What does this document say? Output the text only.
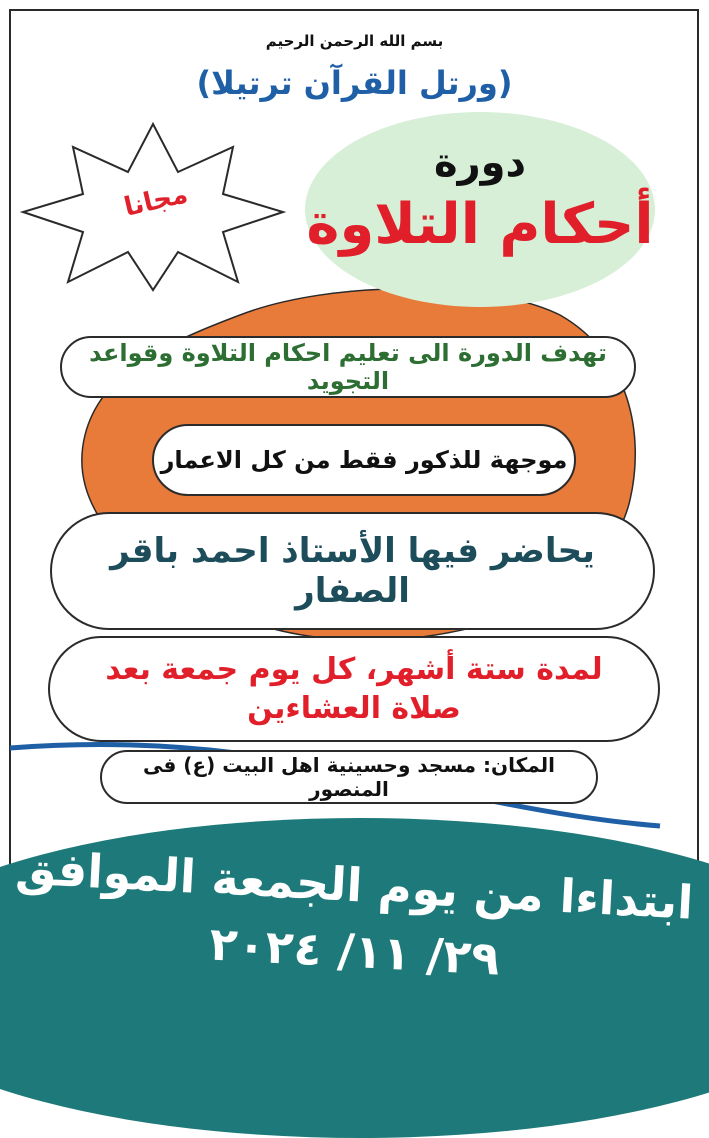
بسم الله الرحمن الرحيم
(ورتل القرآن ترتيلا)
مجانا
دورة
أحكام التلاوة
تهدف الدورة الى تعليم احكام التلاوة وقواعد التجويد
موجهة للذكور فقط من كل الاعمار
يحاضر فيها الأستاذ احمد باقر الصفار
لمدة ستة أشهر، كل يوم جمعة بعد
صلاة العشاءين
المكان: مسجد وحسينية اهل البيت (ع) فى المنصور
ابتداءا من يوم الجمعة الموافق
٢٩/ ١١/ ٢٠٢٤
